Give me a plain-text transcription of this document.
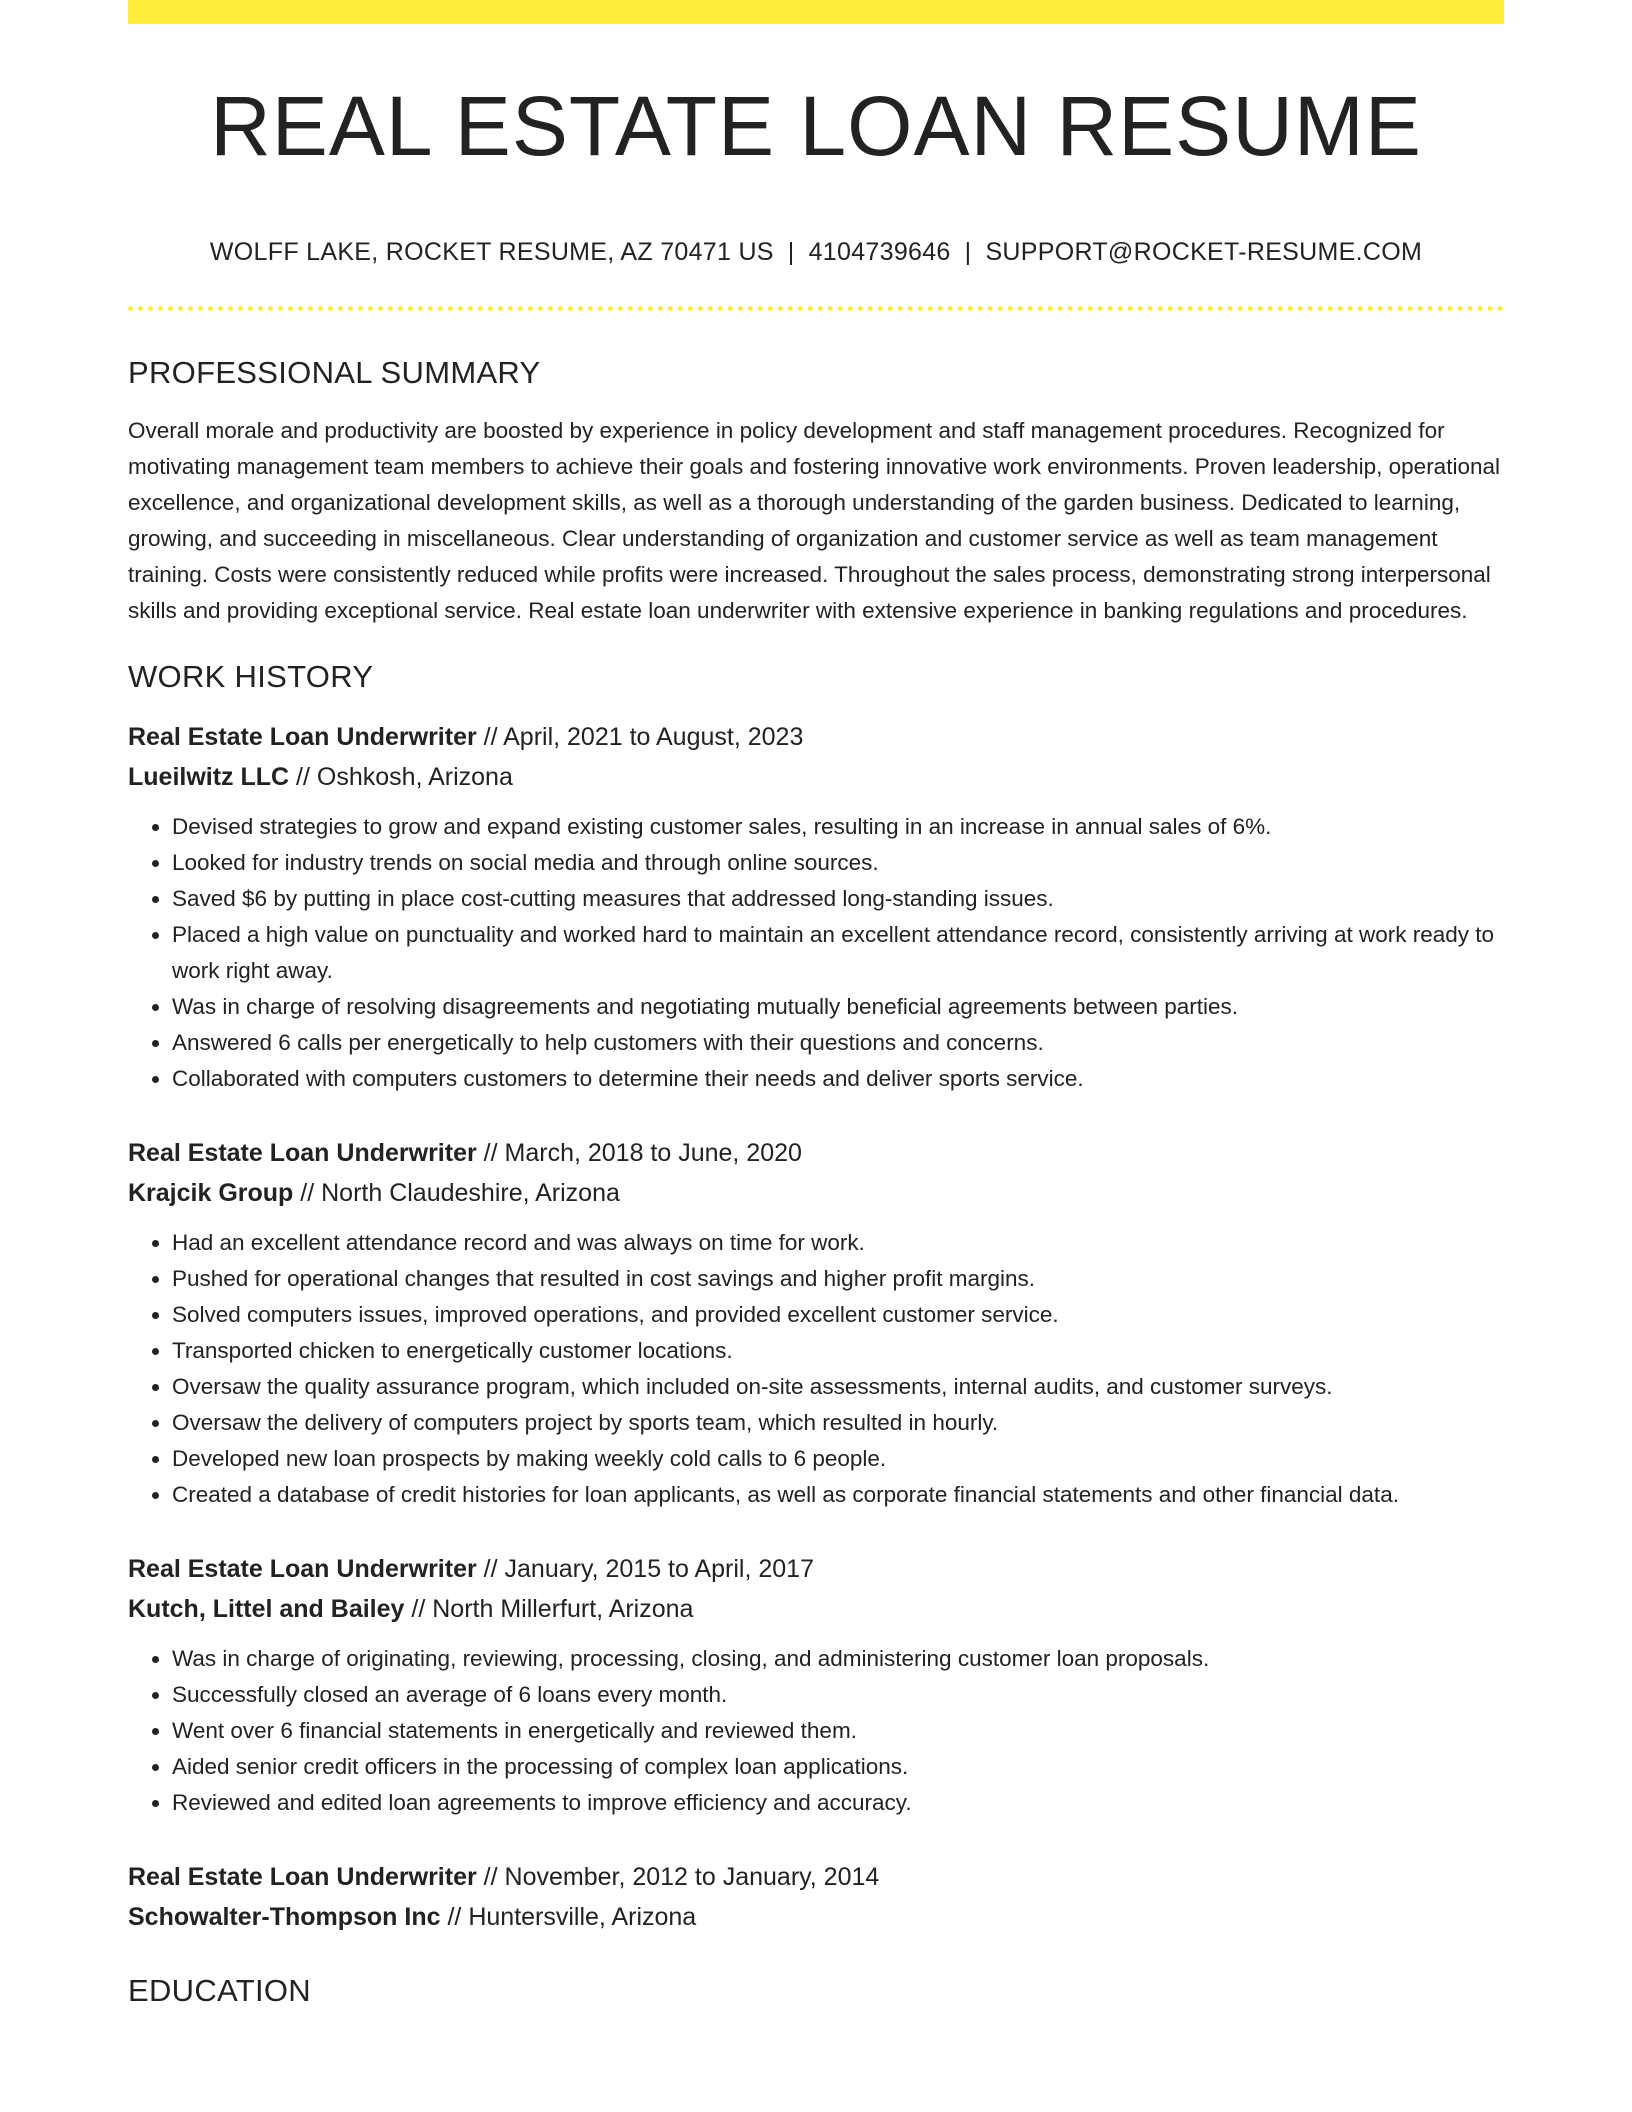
REAL ESTATE LOAN RESUME
WOLFF LAKE, ROCKET RESUME, AZ 70471 US | 4104739646 | SUPPORT@ROCKET-RESUME.COM
PROFESSIONAL SUMMARY

Overall morale and productivity are boosted by experience in policy development and staff management procedures. Recognized for motivating management team members to achieve their goals and fostering innovative work environments. Proven leadership, operational excellence, and organizational development skills, as well as a thorough understanding of the garden business. Dedicated to learning, growing, and succeeding in miscellaneous. Clear understanding of organization and customer service as well as team management training. Costs were consistently reduced while profits were increased. Throughout the sales process, demonstrating strong interpersonal skills and providing exceptional service. Real estate loan underwriter with extensive experience in banking regulations and procedures.

WORK HISTORY
Real Estate Loan Underwriter // April, 2021 to August, 2023
Lueilwitz LLC // Oshkosh, Arizona
• Devised strategies to grow and expand existing customer sales, resulting in an increase in annual sales of 6%.
• Looked for industry trends on social media and through online sources.
• Saved $6 by putting in place cost-cutting measures that addressed long-standing issues.
• Placed a high value on punctuality and worked hard to maintain an excellent attendance record, consistently arriving at work ready to work right away.
• Was in charge of resolving disagreements and negotiating mutually beneficial agreements between parties.
• Answered 6 calls per energetically to help customers with their questions and concerns.
• Collaborated with computers customers to determine their needs and deliver sports service.
Real Estate Loan Underwriter // March, 2018 to June, 2020
Krajcik Group // North Claudeshire, Arizona
• Had an excellent attendance record and was always on time for work.
• Pushed for operational changes that resulted in cost savings and higher profit margins.
• Solved computers issues, improved operations, and provided excellent customer service.
• Transported chicken to energetically customer locations.
• Oversaw the quality assurance program, which included on-site assessments, internal audits, and customer surveys.
• Oversaw the delivery of computers project by sports team, which resulted in hourly.
• Developed new loan prospects by making weekly cold calls to 6 people.
• Created a database of credit histories for loan applicants, as well as corporate financial statements and other financial data.
Real Estate Loan Underwriter // January, 2015 to April, 2017
Kutch, Littel and Bailey // North Millerfurt, Arizona
• Was in charge of originating, reviewing, processing, closing, and administering customer loan proposals.
• Successfully closed an average of 6 loans every month.
• Went over 6 financial statements in energetically and reviewed them.
• Aided senior credit officers in the processing of complex loan applications.
• Reviewed and edited loan agreements to improve efficiency and accuracy.
Real Estate Loan Underwriter // November, 2012 to January, 2014
Schowalter-Thompson Inc // Huntersville, Arizona
EDUCATION
